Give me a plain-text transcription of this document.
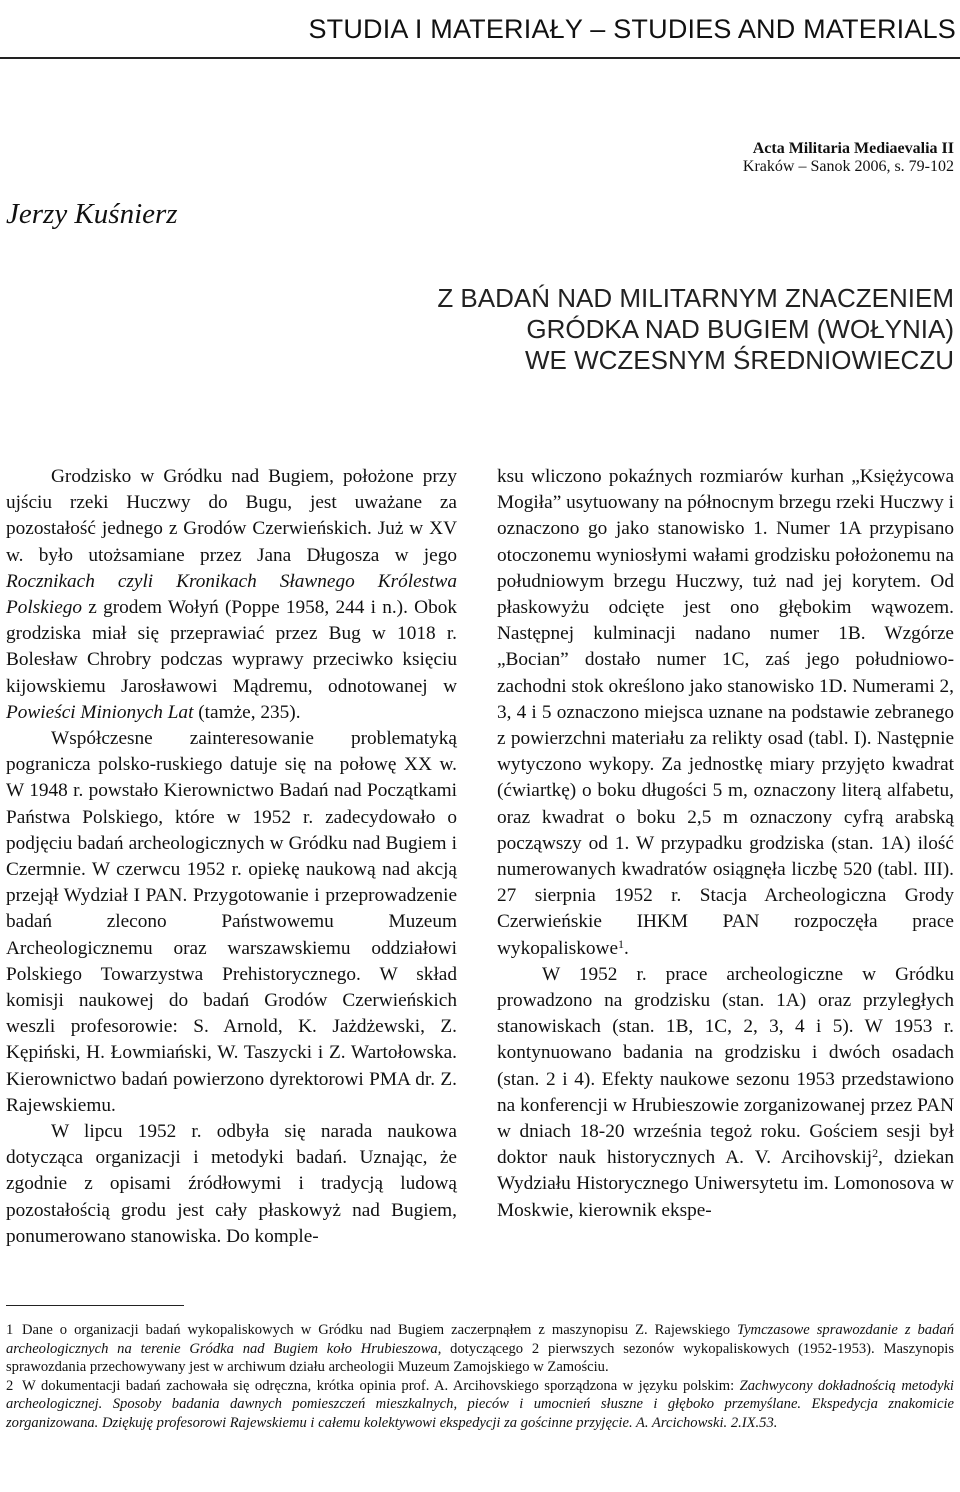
STUDIA I MATERIAŁY – STUDIES AND MATERIALS
Acta Militaria Mediaevalia II
Kraków – Sanok 2006, s. 79-102
Jerzy Kuśnierz
Z BADAŃ NAD MILITARNYM ZNACZENIEM
GRÓDKA NAD BUGIEM (WOŁYNIA)
WE WCZESNYM ŚREDNIOWIECZU

Grodzisko w Gródku nad Bugiem, położone przy ujściu rzeki Huczwy do Bugu, jest uważane za pozostałość jednego z Grodów Czerwieńskich. Już w XV w. było utożsamiane przez Jana Długosza w jego Rocznikach czyli Kronikach Sławnego Królestwa Polskiego z grodem Wołyń (Poppe 1958, 244 i n.). Obok grodziska miał się przeprawiać przez Bug w 1018 r. Bolesław Chrobry podczas wyprawy przeciwko księciu kijowskiemu Jarosławowi Mądremu, odnotowanej w Powieści Minionych Lat (tamże, 235).

Współczesne zainteresowanie problematyką pogranicza polsko-ruskiego datuje się na połowę XX w. W 1948 r. powstało Kierownictwo Badań nad Początkami Państwa Polskiego, które w 1952 r. zadecydowało o podjęciu badań archeologicznych w Gródku nad Bugiem i Czermnie. W czerwcu 1952 r. opiekę naukową nad akcją przejął Wydział I PAN. Przygotowanie i przeprowadzenie badań zlecono Państwowemu Muzeum Archeologicznemu oraz warszawskiemu oddziałowi Polskiego Towarzystwa Prehistorycznego. W skład komisji naukowej do badań Grodów Czerwieńskich weszli profesorowie: S. Arnold, K. Jażdżewski, Z. Kępiński, H. Łowmiański, W. Taszycki i Z. Wartołowska. Kierownictwo badań powierzono dyrektorowi PMA dr. Z. Rajewskiemu.

W lipcu 1952 r. odbyła się narada naukowa dotycząca organizacji i metodyki badań. Uznając, że zgodnie z opisami źródłowymi i tradycją ludową pozostałością grodu jest cały płaskowyż nad Bugiem, ponumerowano stanowiska. Do komple-

ksu wliczono pokaźnych rozmiarów kurhan „Księżycowa Mogiła” usytuowany na północnym brzegu rzeki Huczwy i oznaczono go jako stanowisko 1. Numer 1A przypisano otoczonemu wyniosłymi wałami grodzisku położonemu na południowym brzegu Huczwy, tuż nad jej korytem. Od płaskowyżu odcięte jest ono głębokim wąwozem. Następnej kulminacji nadano numer 1B. Wzgórze „Bocian” dostało numer 1C, zaś jego południowo-zachodni stok określono jako stanowisko 1D. Numerami 2, 3, 4 i 5 oznaczono miejsca uznane na podstawie zebranego z powierzchni materiału za relikty osad (tabl. I). Następnie wytyczono wykopy. Za jednostkę miary przyjęto kwadrat (ćwiartkę) o boku długości 5 m, oznaczony literą alfabetu, oraz kwadrat o boku 2,5 m oznaczony cyfrą arabską począwszy od 1. W przypadku grodziska (stan. 1A) ilość numerowanych kwadratów osiągnęła liczbę 520 (tabl. III). 27 sierpnia 1952 r. Stacja Archeologiczna Grody Czerwieńskie IHKM PAN rozpoczęła prace wykopaliskowe$^1$.

W 1952 r. prace archeologiczne w Gródku prowadzono na grodzisku (stan. 1A) oraz przyległych stanowiskach (stan. 1B, 1C, 2, 3, 4 i 5). W 1953 r. kontynuowano badania na grodzisku i dwóch osadach (stan. 2 i 4). Efekty naukowe sezonu 1953 przedstawiono na konferencji w Hrubieszowie zorganizowanej przez PAN w dniach 18-20 września tegoż roku. Gościem sesji był doktor nauk historycznych A. V. Arcihovskij$^2$, dziekan Wydziału Historycznego Uniwersytetu im. Lomonosova w Moskwie, kierownik ekspe-

1 Dane o organizacji badań wykopaliskowych w Gródku nad Bugiem zaczerpnąłem z maszynopisu Z. Rajewskiego Tymczasowe sprawozdanie z badań archeologicznych na terenie Gródka nad Bugiem koło Hrubieszowa, dotyczącego 2 pierwszych sezonów wykopaliskowych (1952-1953). Maszynopis sprawozdania przechowywany jest w archiwum działu archeologii Muzeum Zamojskiego w Zamościu.

2 W dokumentacji badań zachowała się odręczna, krótka opinia prof. A. Arcihovskiego sporządzona w języku polskim: Zachwycony dokładnością metodyki archeologicznej. Sposoby badania dawnych pomieszczeń mieszkalnych, pieców i umocnień słuszne i głęboko przemyślane. Ekspedycja znakomicie zorganizowana. Dziękuję profesorowi Rajewskiemu i całemu kolektywowi ekspedycji za gościnne przyjęcie. A. Arcichowski. 2.IX.53.
